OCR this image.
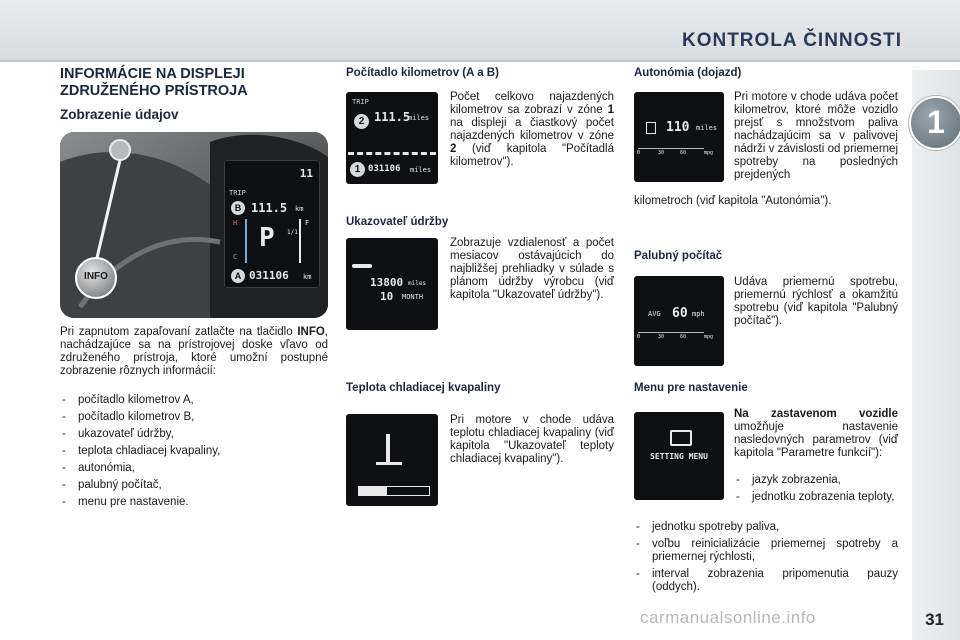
KONTROLA ČINNOSTI
1
INFORMÁCIE NA DISPLEJI
ZDRUŽENÉHO PRÍSTROJA
Zobrazenie údajov
INFO
11
TRIP
B 111.5 km
H
C
F
1/1
P
A 031106 km
Pri zapnutom zapaľovaní zatlačte na tlačidlo INFO, nachádzajúce sa na prístrojovej doske vľavo od združeného prístroja, ktoré umožní postupné zobrazenie rôznych informácií:
- počítadlo kilometrov A,
- počítadlo kilometrov B,
- ukazovateľ údržby,
- teplota chladiacej kvapaliny,
- autonómia,
- palubný počítač,
- menu pre nastavenie.
Počítadlo kilometrov (A a B)
TRIP
2 111.5
miles
1 031106 miles
Počet celkovo najazdených kilometrov sa zobrazí v zóne 1 na displeji a čiastkový počet najazdených kilometrov v zóne 2 (viď kapitola "Počítadlá kilometrov").
Ukazovateľ údržby
13800 miles
10 MONTH
Zobrazuje vzdialenosť a počet mesiacov ostávajúcich do najbližšej prehliadky v súlade s plánom údržby výrobcu (viď kapitola "Ukazovateľ údržby").
Teplota chladiacej kvapaliny
Pri motore v chode udáva teplotu chladiacej kvapaliny (viď kapitola "Ukazovateľ teploty chladiacej kvapaliny").
Autonómia (dojazd)
110 miles
0	30	60	mpg
Pri motore v chode udáva počet kilometrov, ktoré môže vozidlo prejsť s množstvom paliva nachádzajúcim sa v palivovej nádrži v závislosti od priemernej spotreby na posledných prejdených
kilometroch (viď kapitola "Autonómia").
Palubný počítač
AVG 60 mph
0	30	60	mpg
Udáva priemernú spotrebu, priemernú rýchlosť a okamžitú spotrebu (viď kapitola "Palubný počítač").
Menu pre nastavenie
SETTING MENU
Na zastavenom vozidle umožňuje nastavenie nasledovných parametrov (viď kapitola "Parametre funkcií"):
- jazyk zobrazenia,
- jednotku zobrazenia teploty,
- jednotku spotreby paliva,
- voľbu reinicializácie priemernej spotreby a priemernej rýchlosti,
- interval zobrazenia pripomenutia pauzy (oddych).
carmanualsonline.info	31
